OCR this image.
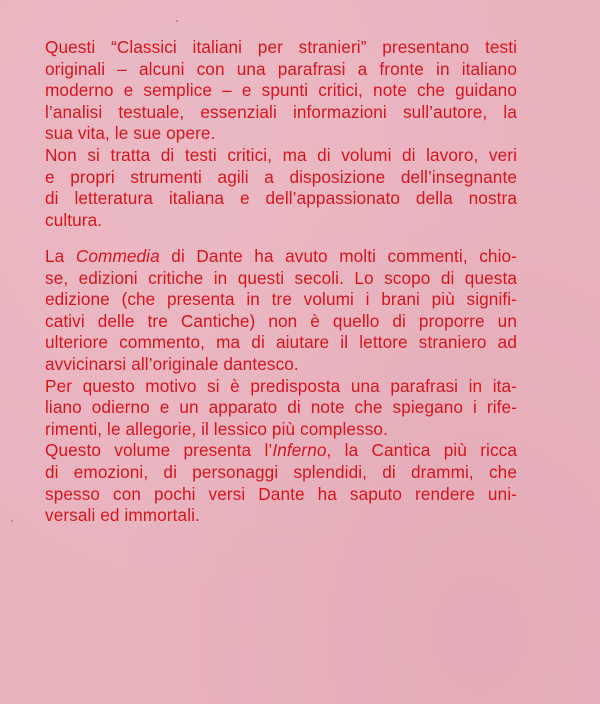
Questi “Classici italiani per stranieri” presentano testi
originali – alcuni con una parafrasi a fronte in italiano
moderno e semplice – e spunti critici, note che guidano
l’analisi testuale, essenziali informazioni sull’autore, la
sua vita, le sue opere.
Non si tratta di testi critici, ma di volumi di lavoro, veri
e propri strumenti agili a disposizione dell’insegnante
di letteratura italiana e dell’appassionato della nostra
cultura.
La Commedia di Dante ha avuto molti commenti, chio-
se, edizioni critiche in questi secoli. Lo scopo di questa
edizione (che presenta in tre volumi i brani più signifi-
cativi delle tre Cantiche) non è quello di proporre un
ulteriore commento, ma di aiutare il lettore straniero ad
avvicinarsi all’originale dantesco.
Per questo motivo si è predisposta una parafrasi in ita-
liano odierno e un apparato di note che spiegano i rife-
rimenti, le allegorie, il lessico più complesso.
Questo volume presenta l’Inferno, la Cantica più ricca
di emozioni, di personaggi splendidi, di drammi, che
spesso con pochi versi Dante ha saputo rendere uni-
versali ed immortali.
